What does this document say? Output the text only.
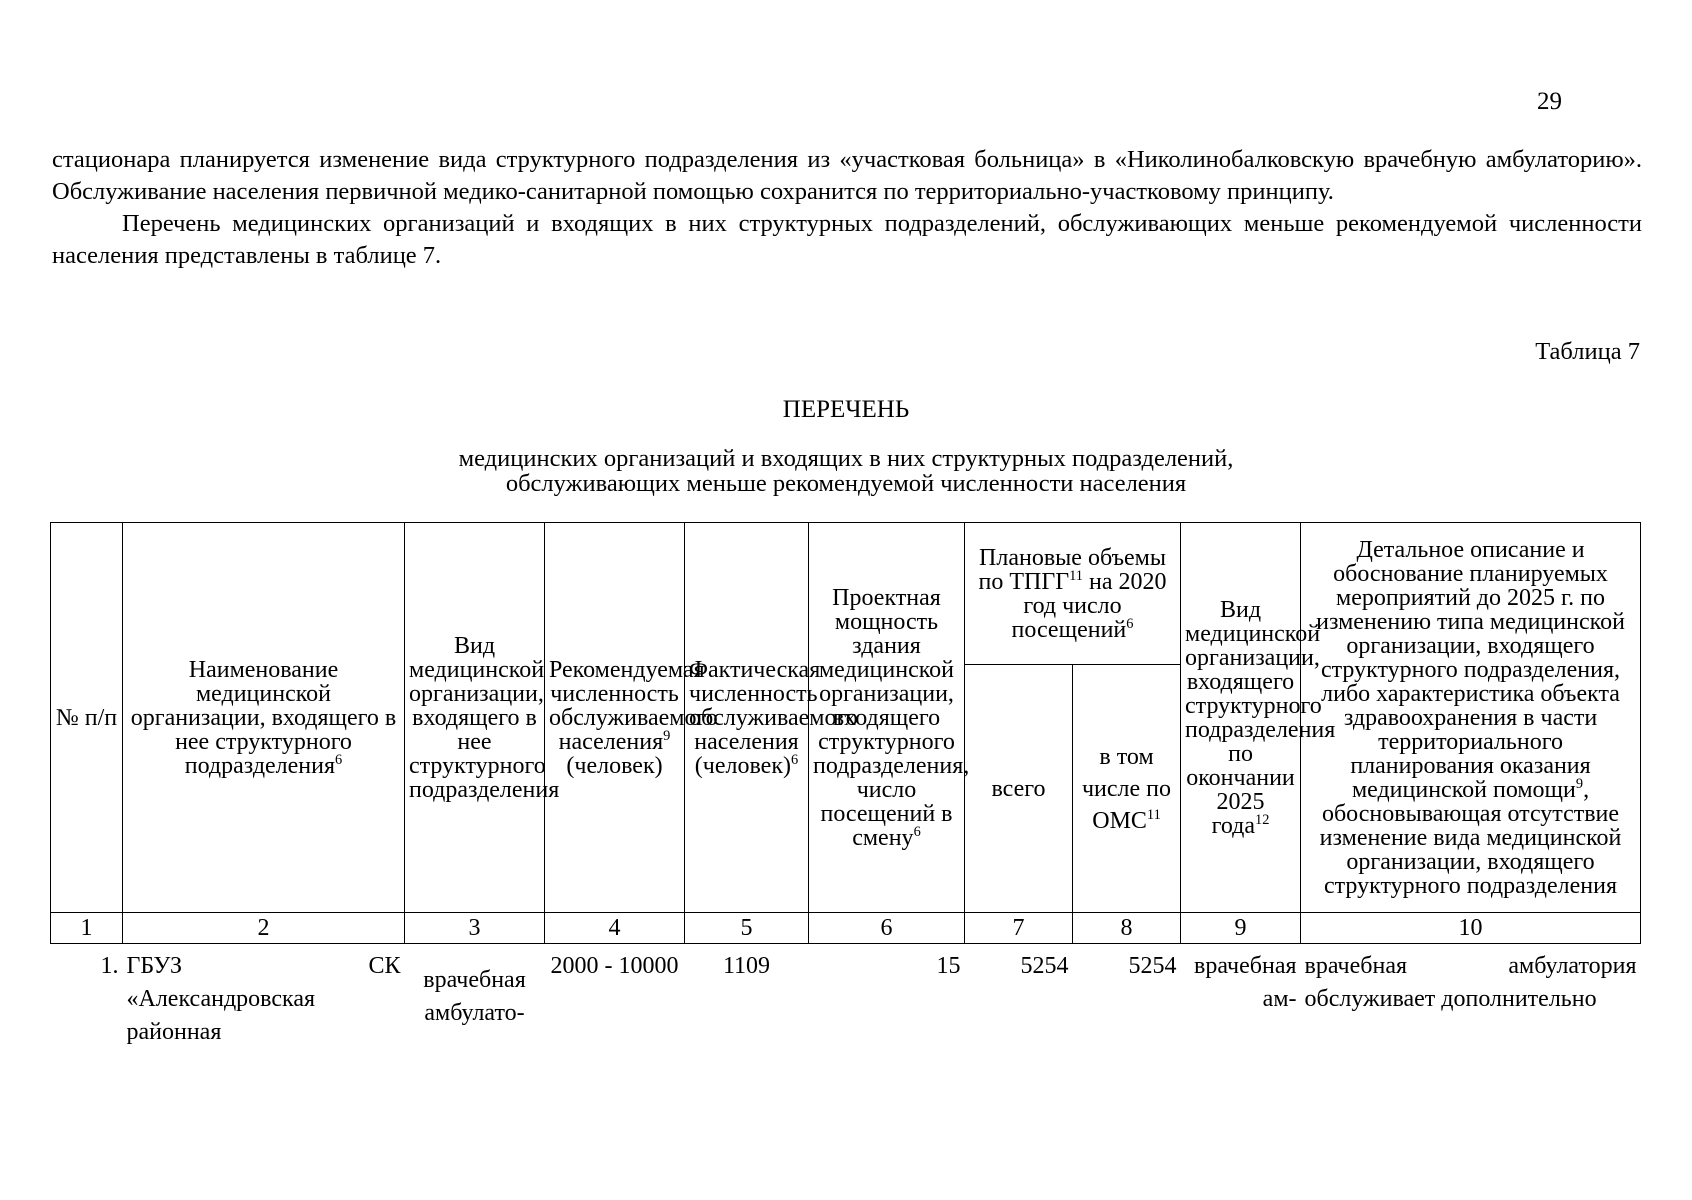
29

стационара планируется изменение вида структурного подразделения из «участковая больница» в «Николинобалковскую врачебную амбулаторию». Обслуживание населения первичной медико-санитарной помощью сохранится по территориально-участковому принципу.

Перечень медицинских организаций и входящих в них структурных подразделений, обслуживающих меньше рекомендуемой численности населения представлены в таблице 7.

Таблица 7
ПЕРЕЧЕНЬ
медицинских организаций и входящих в них структурных подразделений,
обслуживающих меньше рекомендуемой численности населения
№ п/п	Наименование медицинской организации, входящего в нее структурного подразделения$^6$	Вид медицинской организации, входящего в нее структурного подразделения	Рекомендуемая численность обслуживаемого населения$^9$ (человек)	Фактическая численность обслуживаемого населения (человек)$^6$	Проектная мощность здания медицинской организации, входящего структурного подразделения, число посещений в смену$^6$	Плановые объемы по ТПГГ$^{11}$ на 2020 год число посещений$^6$		Вид медицинской организации, входящего структурного подразделения по окончании 2025 года$^{12}$	Детальное описание и обоснование планируемых мероприятий до 2025 г. по изменению типа медицинской организации, входящего структурного подразделения, либо характеристика объекта здравоохранения в части территориального планирования оказания медицинской помощи$^9$, обосновывающая отсутствие изменение вида медицинской организации, входящего структурного подразделения
						всего	в том числе по ОМС$^{11}$
1	2	3	4	5	6	7	8	9	10
1.	ГБУЗ СК «Александровская районная	врачебная амбулато-	2000 - 10000	1109	15	5254	5254	врачебная ам-	врачебная амбулатория обслуживает дополнительно
